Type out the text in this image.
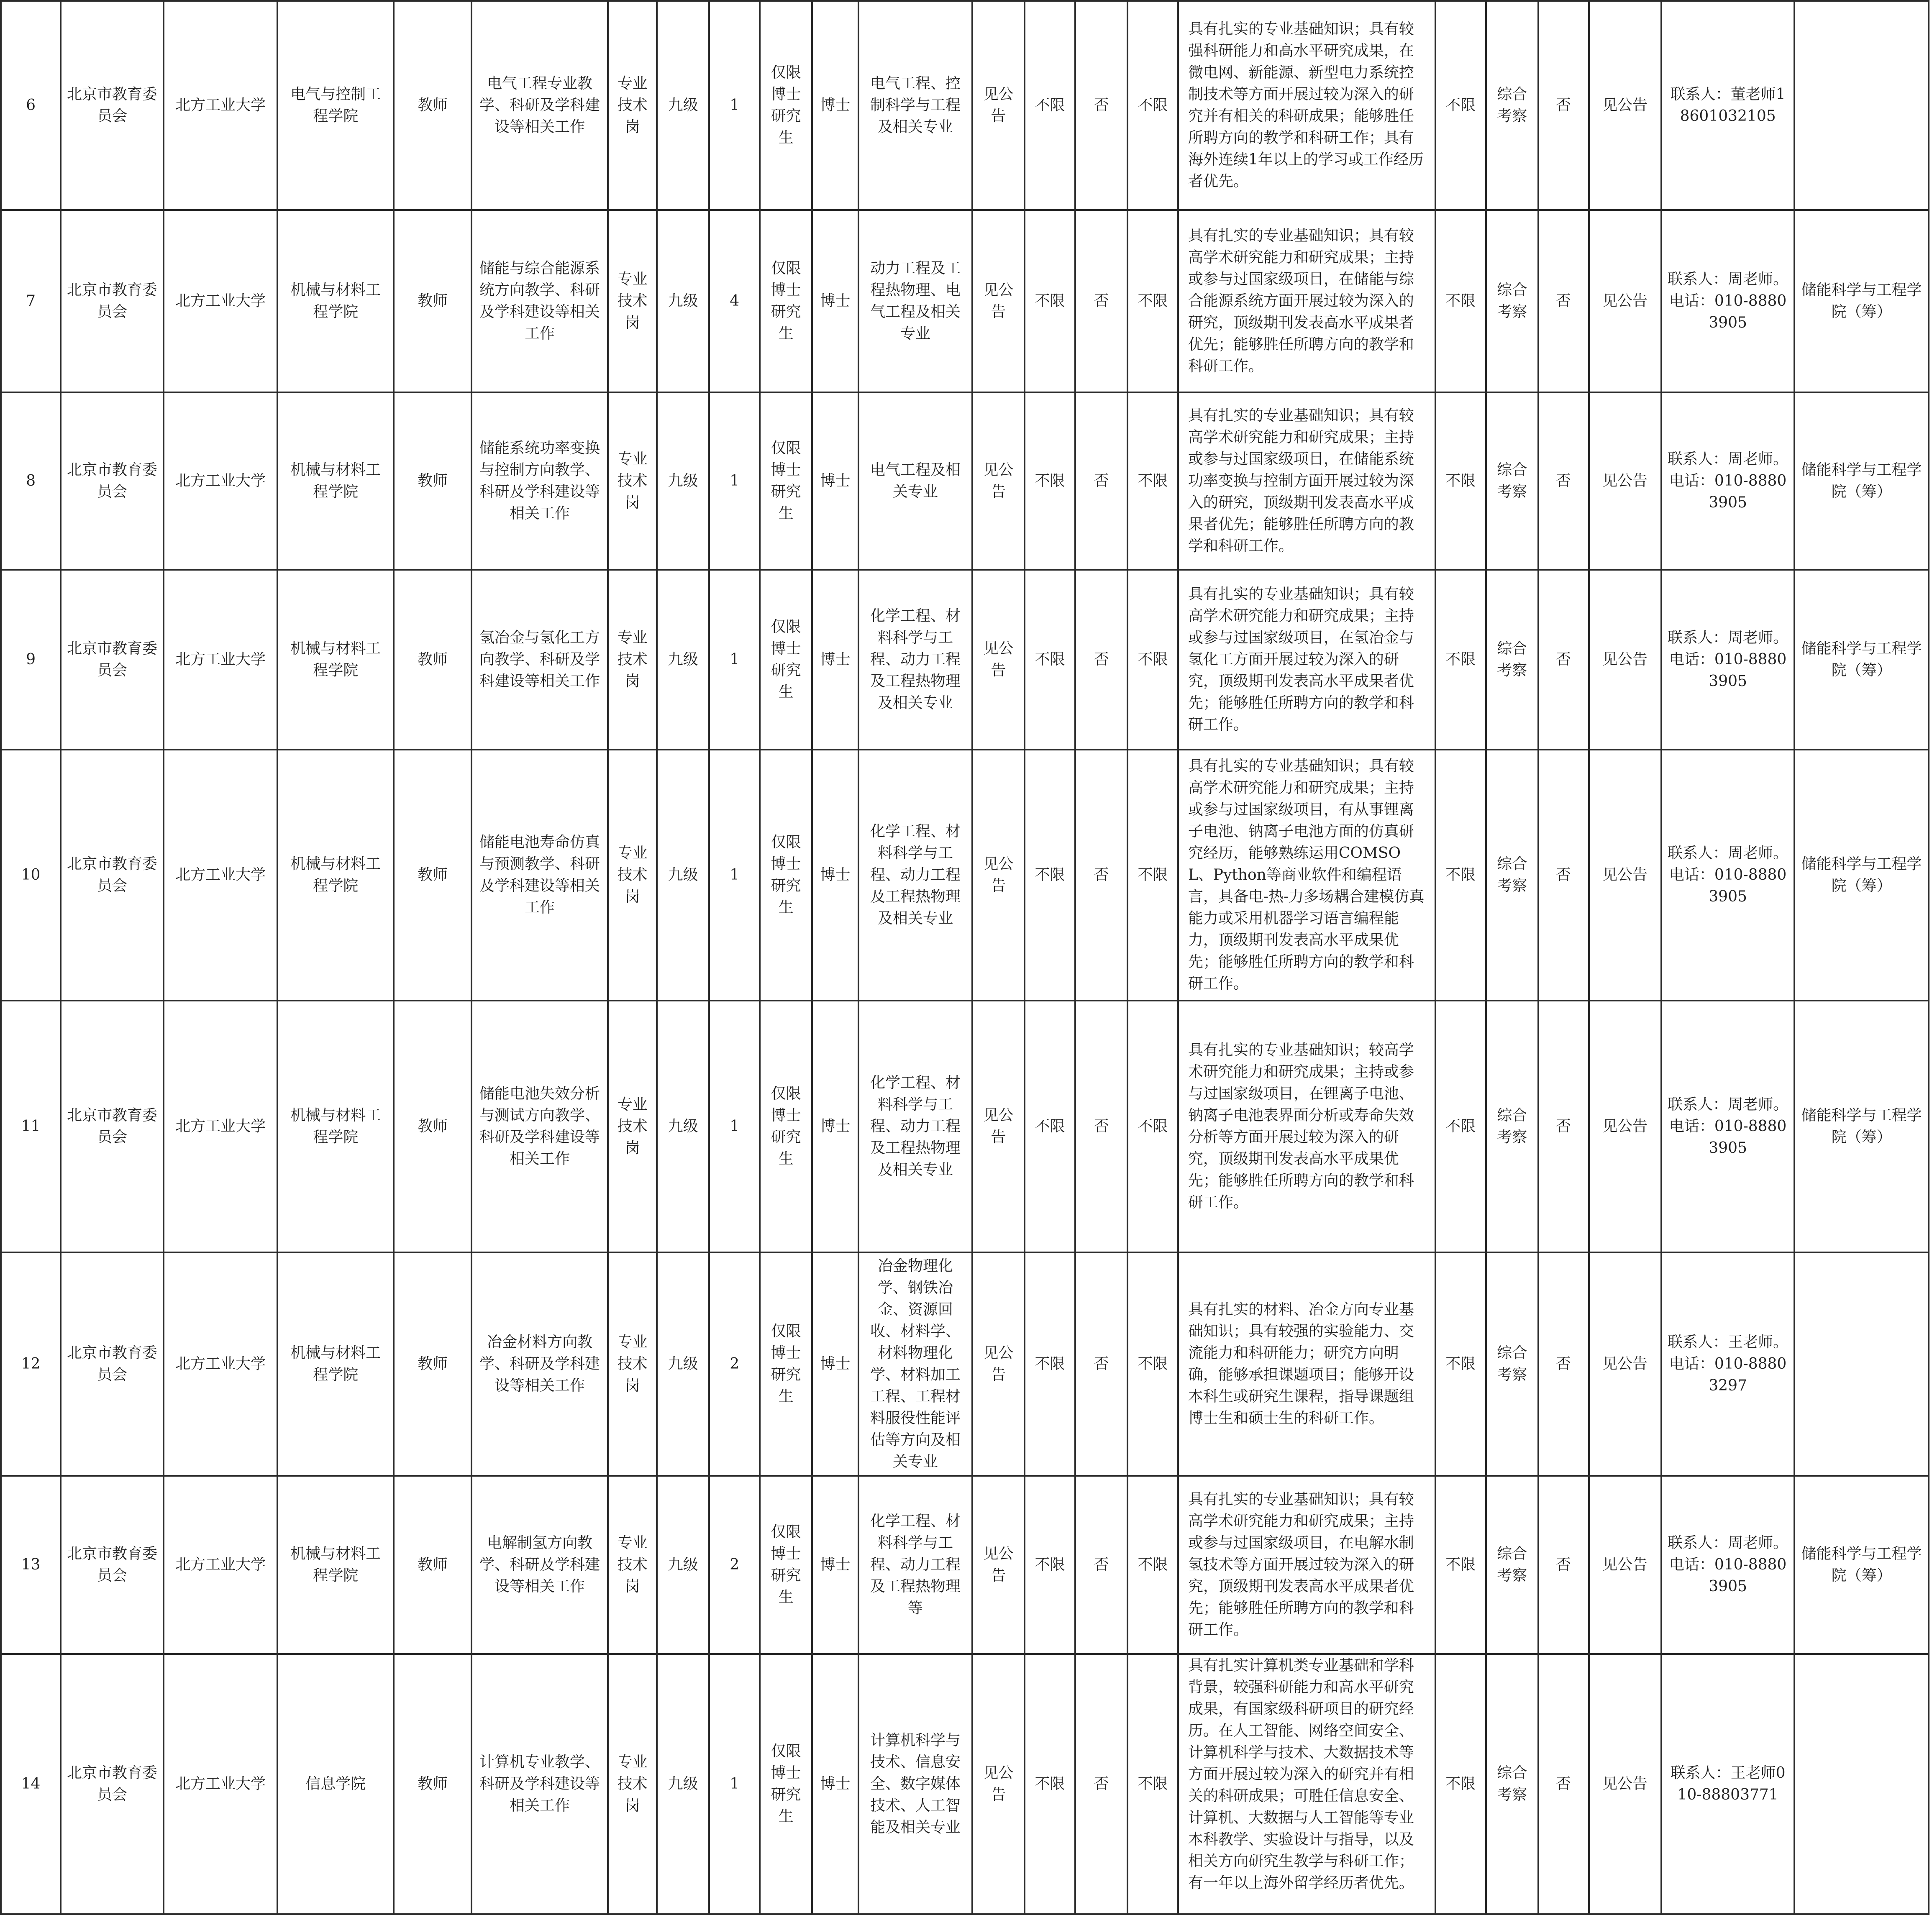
6	北京市教育委员会	北方工业大学	电气与控制工程学院	教师	电气工程专业教学、科研及学科建设等相关工作	专业技术岗	九级	1	仅限博士研究生	博士	电气工程、控制科学与工程及相关专业	见公告	不限	否	不限	具有扎实的专业基础知识；具有较强科研能力和高水平研究成果，在微电网、新能源、新型电力系统控制技术等方面开展过较为深入的研究并有相关的科研成果；能够胜任所聘方向的教学和科研工作；具有海外连续1年以上的学习或工作经历者优先。	不限	综合考察	否	见公告	联系人：董老师18601032105	
7	北京市教育委员会	北方工业大学	机械与材料工程学院	教师	储能与综合能源系统方向教学、科研及学科建设等相关工作	专业技术岗	九级	4	仅限博士研究生	博士	动力工程及工程热物理、电气工程及相关专业	见公告	不限	否	不限	具有扎实的专业基础知识；具有较高学术研究能力和研究成果；主持或参与过国家级项目，在储能与综合能源系统方面开展过较为深入的研究，顶级期刊发表高水平成果者优先；能够胜任所聘方向的教学和科研工作。	不限	综合考察	否	见公告	联系人：周老师。电话：010-88803905	储能科学与工程学院（筹）
8	北京市教育委员会	北方工业大学	机械与材料工程学院	教师	储能系统功率变换与控制方向教学、科研及学科建设等相关工作	专业技术岗	九级	1	仅限博士研究生	博士	电气工程及相关专业	见公告	不限	否	不限	具有扎实的专业基础知识；具有较高学术研究能力和研究成果；主持或参与过国家级项目，在储能系统功率变换与控制方面开展过较为深入的研究，顶级期刊发表高水平成果者优先；能够胜任所聘方向的教学和科研工作。	不限	综合考察	否	见公告	联系人：周老师。电话：010-88803905	储能科学与工程学院（筹）
9	北京市教育委员会	北方工业大学	机械与材料工程学院	教师	氢冶金与氢化工方向教学、科研及学科建设等相关工作	专业技术岗	九级	1	仅限博士研究生	博士	化学工程、材料科学与工程、动力工程及工程热物理及相关专业	见公告	不限	否	不限	具有扎实的专业基础知识；具有较高学术研究能力和研究成果；主持或参与过国家级项目，在氢冶金与氢化工方面开展过较为深入的研究，顶级期刊发表高水平成果者优先；能够胜任所聘方向的教学和科研工作。	不限	综合考察	否	见公告	联系人：周老师。电话：010-88803905	储能科学与工程学院（筹）
10	北京市教育委员会	北方工业大学	机械与材料工程学院	教师	储能电池寿命仿真与预测教学、科研及学科建设等相关工作	专业技术岗	九级	1	仅限博士研究生	博士	化学工程、材料科学与工程、动力工程及工程热物理及相关专业	见公告	不限	否	不限	具有扎实的专业基础知识；具有较高学术研究能力和研究成果；主持或参与过国家级项目，有从事锂离子电池、钠离子电池方面的仿真研究经历，能够熟练运用COMSOL、Python等商业软件和编程语言，具备电-热-力多场耦合建模仿真能力或采用机器学习语言编程能力，顶级期刊发表高水平成果优先；能够胜任所聘方向的教学和科研工作。	不限	综合考察	否	见公告	联系人：周老师。电话：010-88803905	储能科学与工程学院（筹）
11	北京市教育委员会	北方工业大学	机械与材料工程学院	教师	储能电池失效分析与测试方向教学、科研及学科建设等相关工作	专业技术岗	九级	1	仅限博士研究生	博士	化学工程、材料科学与工程、动力工程及工程热物理及相关专业	见公告	不限	否	不限	具有扎实的专业基础知识；较高学术研究能力和研究成果；主持或参与过国家级项目，在锂离子电池、钠离子电池表界面分析或寿命失效分析等方面开展过较为深入的研究，顶级期刊发表高水平成果优先；能够胜任所聘方向的教学和科研工作。	不限	综合考察	否	见公告	联系人：周老师。电话：010-88803905	储能科学与工程学院（筹）
12	北京市教育委员会	北方工业大学	机械与材料工程学院	教师	冶金材料方向教学、科研及学科建设等相关工作	专业技术岗	九级	2	仅限博士研究生	博士	冶金物理化学、钢铁冶金、资源回收、材料学、材料物理化学、材料加工工程、工程材料服役性能评估等方向及相关专业	见公告	不限	否	不限	具有扎实的材料、冶金方向专业基础知识；具有较强的实验能力、交流能力和科研能力；研究方向明确，能够承担课题项目；能够开设本科生或研究生课程，指导课题组博士生和硕士生的科研工作。	不限	综合考察	否	见公告	联系人：王老师。电话：010-88803297	
13	北京市教育委员会	北方工业大学	机械与材料工程学院	教师	电解制氢方向教学、科研及学科建设等相关工作	专业技术岗	九级	2	仅限博士研究生	博士	化学工程、材料科学与工程、动力工程及工程热物理等	见公告	不限	否	不限	具有扎实的专业基础知识；具有较高学术研究能力和研究成果；主持或参与过国家级项目，在电解水制氢技术等方面开展过较为深入的研究，顶级期刊发表高水平成果者优先；能够胜任所聘方向的教学和科研工作。	不限	综合考察	否	见公告	联系人：周老师。电话：010-88803905	储能科学与工程学院（筹）
14	北京市教育委员会	北方工业大学	信息学院	教师	计算机专业教学、科研及学科建设等相关工作	专业技术岗	九级	1	仅限博士研究生	博士	计算机科学与技术、信息安全、数字媒体技术、人工智能及相关专业	见公告	不限	否	不限	具有扎实计算机类专业基础和学科背景，较强科研能力和高水平研究成果，有国家级科研项目的研究经历。在人工智能、网络空间安全、计算机科学与技术、大数据技术等方面开展过较为深入的研究并有相关的科研成果；可胜任信息安全、计算机、大数据与人工智能等专业本科教学、实验设计与指导，以及相关方向研究生教学与科研工作；有一年以上海外留学经历者优先。	不限	综合考察	否	见公告	联系人：王老师010-88803771	
